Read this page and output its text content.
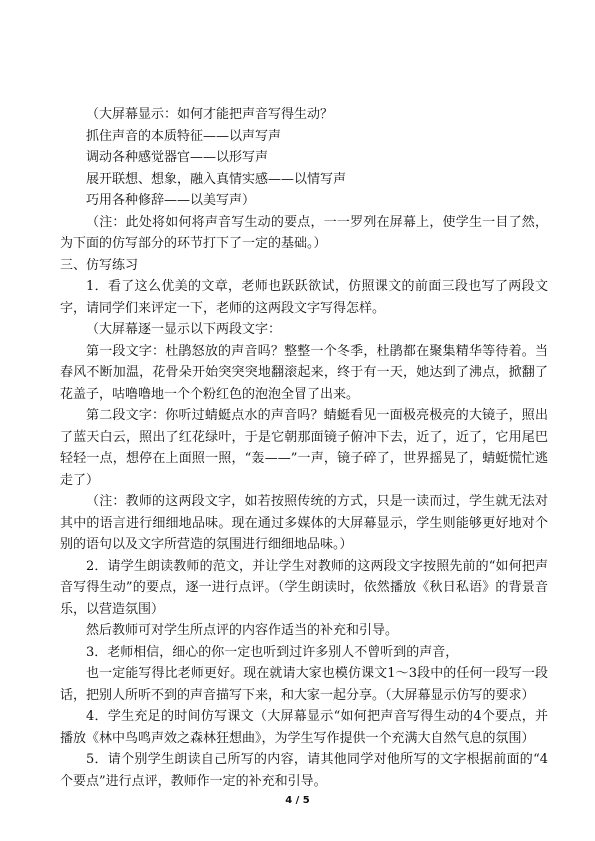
（大屏幕显示：如何才能把声音写得生动？

抓住声音的本质特征——以声写声

调动各种感觉器官——以形写声

展开联想、想象，融入真情实感——以情写声

巧用各种修辞——以美写声）

（注：此处将如何将声音写生动的要点，一一罗列在屏幕上，使学生一目了然，为下面的仿写部分的环节打下了一定的基础。）

三、仿写练习

1．看了这么优美的文章，老师也跃跃欲试，仿照课文的前面三段也写了两段文字，请同学们来评定一下，老师的这两段文字写得怎样。

（大屏幕逐一显示以下两段文字：

第一段文字：杜鹃怒放的声音吗？整整一个冬季，杜鹃都在聚集精华等待着。当春风不断加温，花骨朵开始突突突地翻滚起来，终于有一天，她达到了沸点，掀翻了花盖子，咕噜噜地一个个粉红色的泡泡全冒了出来。

第二段文字：你听过蜻蜓点水的声音吗？蜻蜓看见一面极亮极亮的大镜子，照出了蓝天白云，照出了红花绿叶，于是它朝那面镜子俯冲下去，近了，近了，它用尾巴轻轻一点，想停在上面照一照，“轰——”一声，镜子碎了，世界摇晃了，蜻蜓慌忙逃走了）

（注：教师的这两段文字，如若按照传统的方式，只是一读而过，学生就无法对其中的语言进行细细地品味。现在通过多媒体的大屏幕显示，学生则能够更好地对个别的语句以及文字所营造的氛围进行细细地品味。）

2．请学生朗读教师的范文，并让学生对教师的这两段文字按照先前的“如何把声音写得生动”的要点，逐一进行点评。（学生朗读时，依然播放《秋日私语》的背景音乐，以营造氛围）

然后教师可对学生所点评的内容作适当的补充和引导。

3．老师相信，细心的你一定也听到过许多别人不曾听到的声音，

也一定能写得比老师更好。现在就请大家也模仿课文1～3段中的任何一段写一段话，把别人所听不到的声音描写下来，和大家一起分享。（大屏幕显示仿写的要求）

4．学生充足的时间仿写课文（大屏幕显示“如何把声音写得生动的4个要点，并播放《林中鸟鸣声效之森林狂想曲》，为学生写作提供一个充满大自然气息的氛围）

5．请个别学生朗读自己所写的内容，请其他同学对他所写的文字根据前面的“4个要点”进行点评，教师作一定的补充和引导。

4 / 5
